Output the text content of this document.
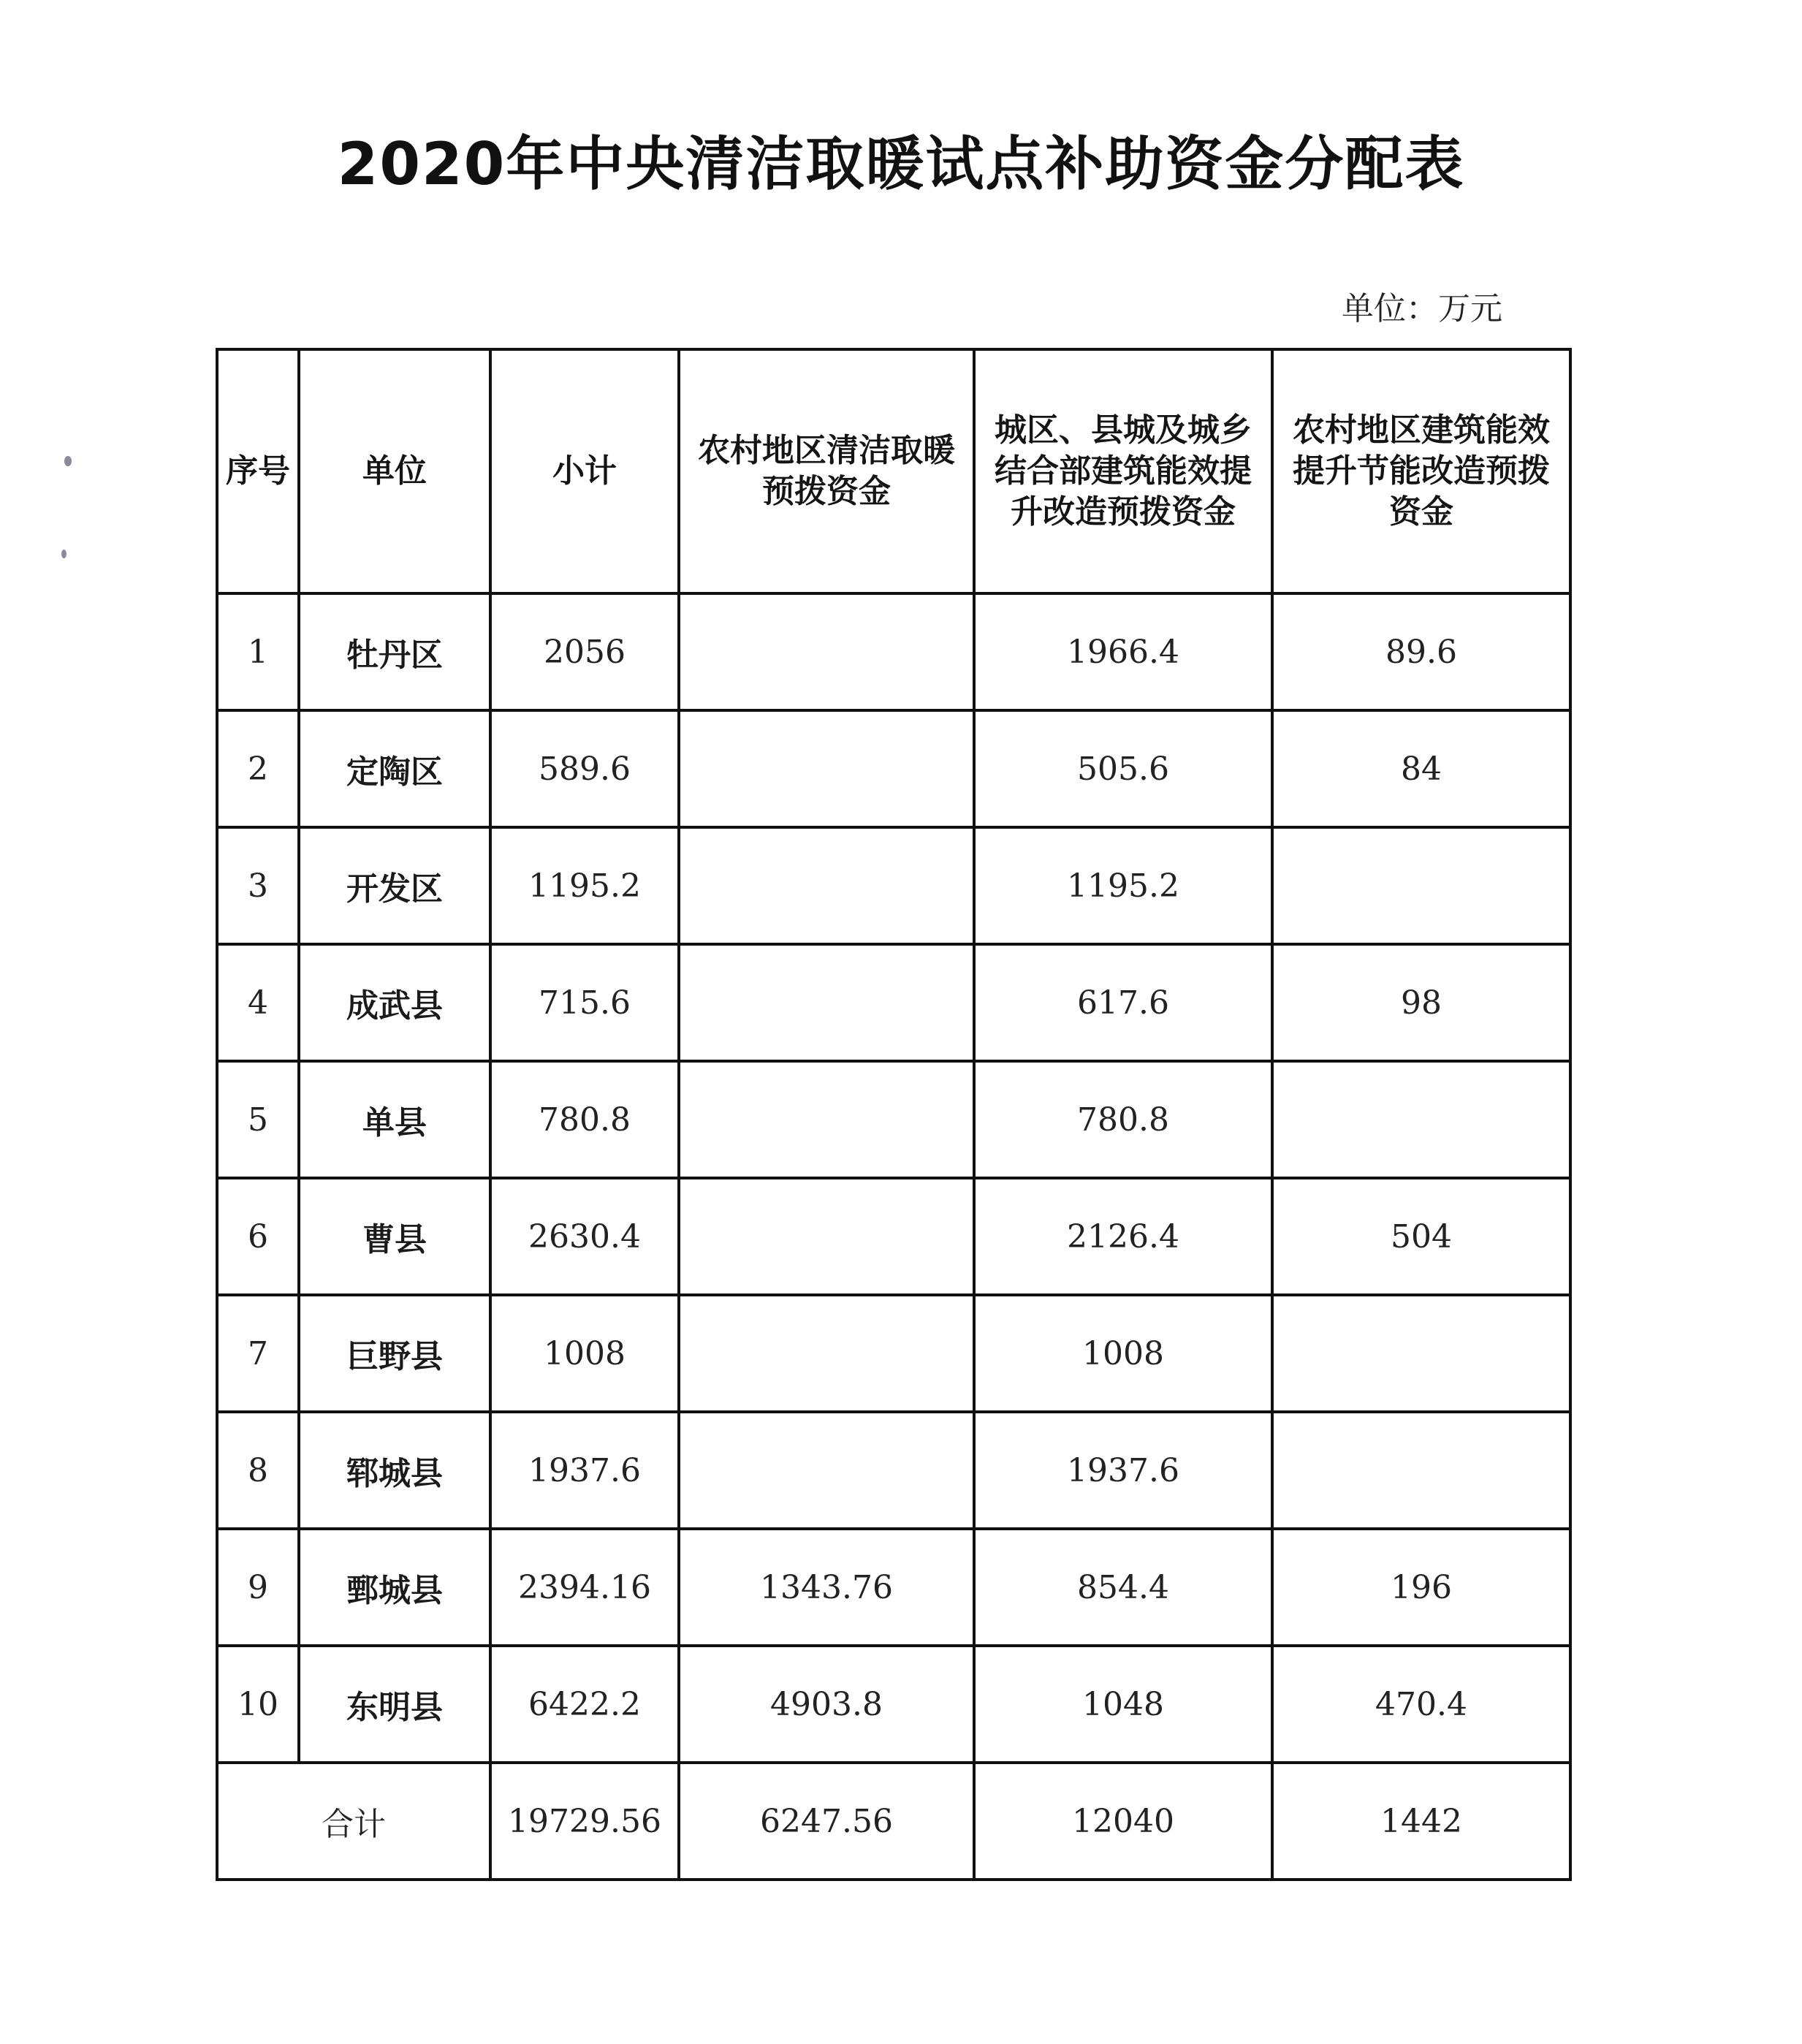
2020年中央清洁取暖试点补助资金分配表
单位：万元
序号	单位	小计	农村地区清洁取暖预拨资金	城区、县城及城乡结合部建筑能效提升改造预拨资金	农村地区建筑能效提升节能改造预拨资金
1	牡丹区	2056		1966.4	89.6
2	定陶区	589.6		505.6	84
3	开发区	1195.2		1195.2	
4	成武县	715.6		617.6	98
5	单县	780.8		780.8	
6	曹县	2630.4		2126.4	504
7	巨野县	1008		1008	
8	郓城县	1937.6		1937.6	
9	鄄城县	2394.16	1343.76	854.4	196
10	东明县	6422.2	4903.8	1048	470.4
合计		19729.56	6247.56	12040	1442
